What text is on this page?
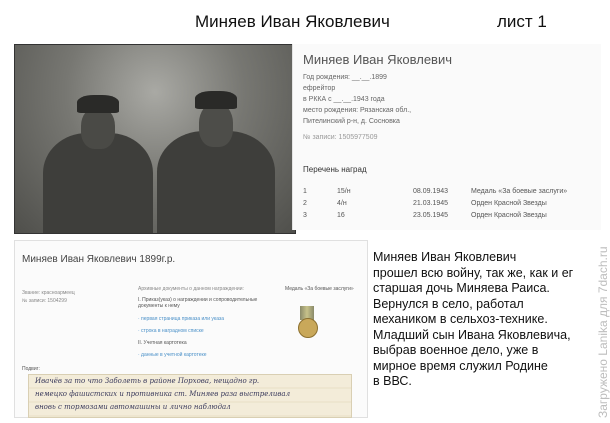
Миняев Иван Яковлевич	лист 1
Миняев Иван Яковлевич
Год рождения: __.__.1899
ефрейтор
в РККА с __.__.1943 года
место рождения: Рязанская обл.,
Пителинский р-н, д. Сосновка
№ записи: 1505977509
Перечень наград
1	15/н	08.09.1943	Медаль «За боевые заслуги»
2	4/н	21.03.1945	Орден Красной Звезды
3	16	23.05.1945	Орден Красной Звезды
Миняев Иван Яковлевич 1899г.р.
Звание: красноармеец
№ записи: 1504299
Архивные документы о данном награждении:
I. Приказ(указ) о награждении и сопроводительные документы к нему
· первая страница приказа или указа
· строка в наградном списке
II. Учетная картотека
· данные в учетной картотеке
Медаль «За боевые заслуги»
Подвиг:
Ивачёв за то что Заболеть в районе Порхова, нещадно гр.
немецко фашистских и противника ст. Миняев раза выстреливал
вновь с тормозами автомашины и лично наблюдал
Миняев Иван Яковлевич
прошел всю войну, так же, как и ег
старшая дочь Миняева Раиса.
Вернулся в село, работал
механиком в сельхоз-технике.
Младший сын Ивана Яковлевича,
выбрав военное дело, уже в
мирное время служил Родине
в ВВС.	Загружено Lanika для 7dach.ru
